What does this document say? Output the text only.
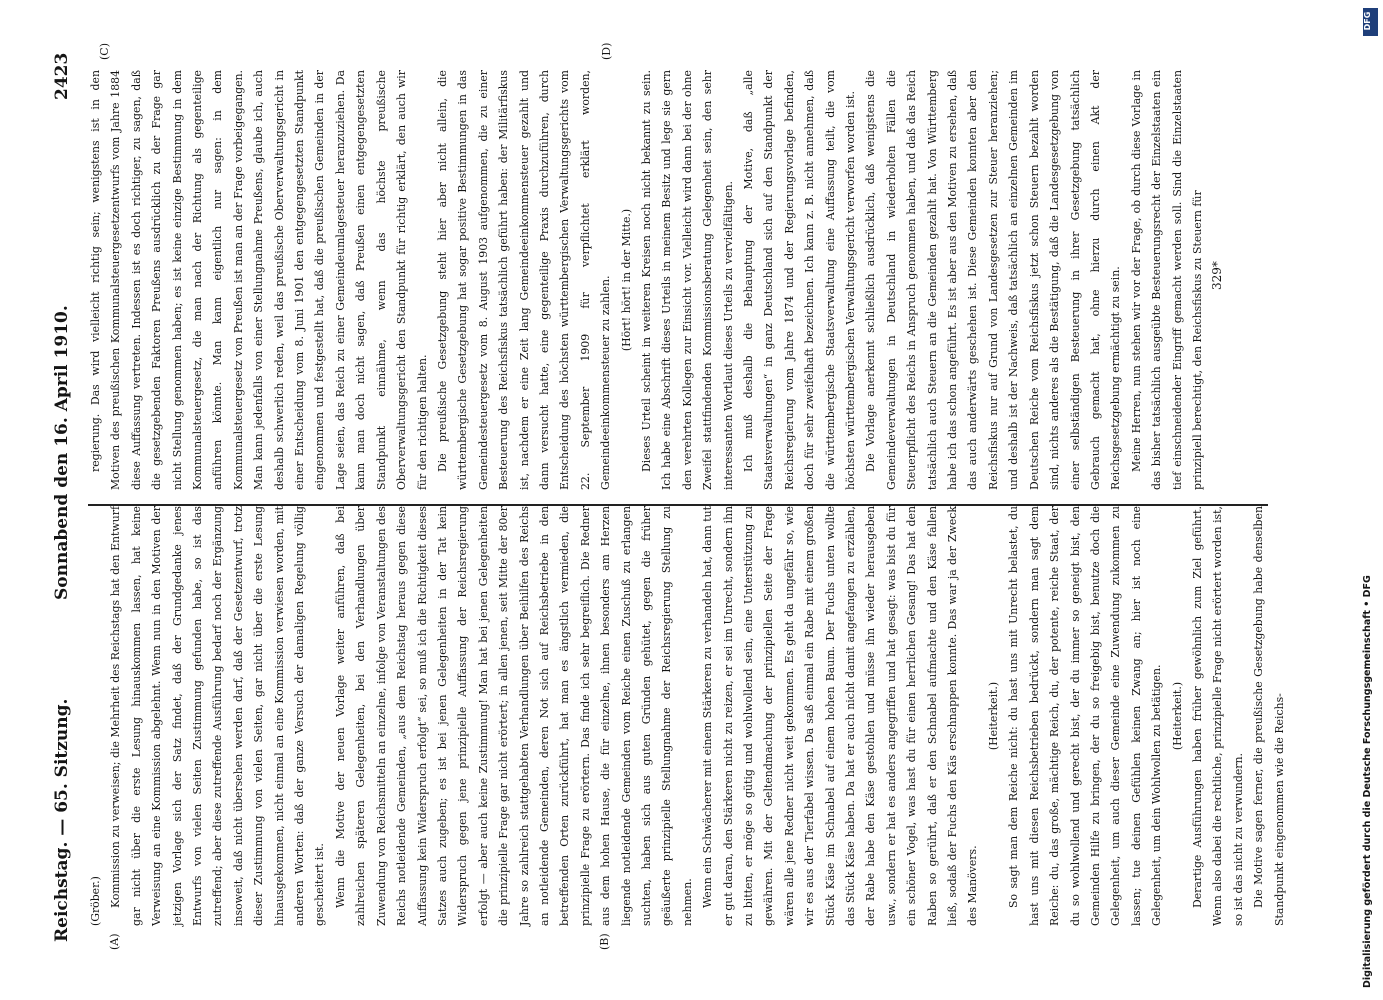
Reichstag. — 65. Sitzung.
Sonnabend den 16. April 1910.
2423
(A)	(B)
(C)	(D)

(Gröber.) Kommission zu verweisen; die Mehrheit des Reichstags hat den Entwurf gar nicht über die erste Lesung hinauskommen lassen, hat keine Verweisung an eine Kommission abgelehnt. Wenn nun in den Motiven der jetzigen Vorlage sich der Satz findet, daß der Grundgedanke jenes Entwurfs von vielen Seiten Zustimmung gefunden habe, so ist das zutreffend; aber diese zutreffende Ausführung bedarf noch der Ergänzung insoweit, daß nicht übersehen werden darf, daß der Gesetzentwurf, trotz dieser Zustimmung von vielen Seiten, gar nicht über die erste Lesung hinausgekommen, nicht einmal an eine Kommission verwiesen worden, mit anderen Worten: daß der ganze Versuch der damaligen Regelung völlig gescheitert ist. Wenn die Motive der neuen Vorlage weiter anführen, daß bei zahlreichen späteren Gelegenheiten, bei den Verhandlungen über Zuwendung von Reichsmitteln an einzelne, infolge von Veranstaltungen des Reichs notleidende Gemeinden, „aus dem Reichstag heraus gegen diese Auffassung kein Widerspruch erfolgt“ sei, so muß ich die Richtigkeit dieses Satzes auch zugeben; es ist bei jenen Gelegenheiten in der Tat kein Widerspruch gegen jene prinzipielle Auffassung der Reichsregierung erfolgt — aber auch keine Zustimmung! Man hat bei jenen Gelegenheiten die prinzipielle Frage gar nicht erörtert; in allen jenen, seit Mitte der 80er Jahre so zahlreich stattgehabten Verhandlungen über Beihilfen des Reichs an notleidende Gemeinden, deren Not sich auf Reichsbetriebe in den betreffenden Orten zurückführt, hat man es ängstlich vermieden, die prinzipielle Frage zu erörtern. Das finde ich sehr begreiflich. Die Redner aus dem hohen Hause, die für einzelne, ihnen besonders am Herzen liegende notleidende Gemeinden vom Reiche einen Zuschuß zu erlangen suchten, haben sich aus guten Gründen gehütet, gegen die früher geäußerte prinzipielle Stellungnahme der Reichsregierung Stellung zu nehmen. Wenn ein Schwächerer mit einem Stärkeren zu verhandeln hat, dann tut er gut daran, den Stärkeren nicht zu reizen, er sei im Unrecht, sondern ihn zu bitten, er möge so gütig und wohlwollend sein, eine Unterstützung zu gewähren. Mit der Geltendmachung der prinzipiellen Seite der Frage wären alle jene Redner nicht weit gekommen. Es geht da ungefähr so, wie wir es aus der Tierfabel wissen. Da saß einmal ein Rabe mit einem großen Stück Käse im Schnabel auf einem hohen Baum. Der Fuchs unten wollte das Stück Käse haben. Da hat er auch nicht damit angefangen zu erzählen, der Rabe habe den Käse gestohlen und müsse ihn wieder herausgeben usw., sondern er hat es anders angegriffen und hat gesagt: was bist du für ein schöner Vogel, was hast du für einen herrlichen Gesang! Das hat den Raben so gerührt, daß er den Schnabel aufmachte und den Käse fallen ließ, sodaß der Fuchs den Käs erschnappen konnte. Das war ja der Zweck des Manövers.

(Heiterkeit.) So sagt man dem Reiche nicht: du hast uns mit Unrecht belastet, du hast uns mit diesen Reichsbetrieben bedrückt, sondern man sagt dem Reiche: du, das große, mächtige Reich, du, der potente, reiche Staat, der du so wohlwollend und gerecht bist, der du immer so geneigt bist, den Gemeinden Hilfe zu bringen, der du so freigebig bist, benutze doch die Gelegenheit, um auch dieser Gemeinde eine Zuwendung zukommen zu lassen; tue deinen Gefühlen keinen Zwang an; hier ist noch eine Gelegenheit, um dein Wohlwollen zu betätigen. (Heiterkeit.) Derartige Ausführungen haben früher gewöhnlich zum Ziel geführt. Wenn also dabei die rechtliche, prinzipielle Frage nicht erörtert worden ist, so ist das nicht zu verwundern. Die Motive sagen ferner, die preußische Gesetzgebung habe denselben Standpunkt eingenommen wie die Reichs-

regierung. Das wird vielleicht richtig sein; wenigstens ist in den Motiven des preußischen Kommunalsteuergesetzentwurfs vom Jahre 1884 diese Auffassung vertreten. Indessen ist es doch richtiger, zu sagen, daß die gesetzgebenden Faktoren Preußens ausdrücklich zu der Frage gar nicht Stellung genommen haben; es ist keine einzige Bestimmung in dem Kommunalsteuergesetz, die man nach der Richtung als gegenteilige anführen könnte. Man kann eigentlich nur sagen: in dem Kommunalsteuergesetz von Preußen ist man an der Frage vorbeigegangen. Man kann jedenfalls von einer Stellungnahme Preußens, glaube ich, auch deshalb schwerlich reden, weil das preußische Oberverwaltungsgericht in einer Entscheidung vom 8. Juni 1901 den entgegengesetzten Standpunkt eingenommen und festgestellt hat, daß die preußischen Gemeinden in der Lage seien, das Reich zu einer Gemeindeumlagesteuer heranzuziehen. Da kann man doch nicht sagen, daß Preußen einen entgegengesetzten Standpunkt einnähme, wenn das höchste preußische Oberverwaltungsgericht den Standpunkt für richtig erklärt, den auch wir für den richtigen halten. Die preußische Gesetzgebung steht hier aber nicht allein, die württembergische Gesetzgebung hat sogar positive Bestimmungen in das Gemeindesteuergesetz vom 8. August 1903 aufgenommen, die zu einer Besteuerung des Reichsfiskus tatsächlich geführt haben: der Militärfiskus ist, nachdem er eine Zeit lang Gemeindeeinkommensteuer gezahlt und dann versucht hatte, eine gegenteilige Praxis durchzuführen, durch Entscheidung des höchsten württembergischen Verwaltungsgerichts vom 22. September 1909 für verpflichtet erklärt worden, Gemeindeeinkommensteuer zu zahlen. (Hört! hört! in der Mitte.) Dieses Urteil scheint in weiteren Kreisen noch nicht bekannt zu sein. Ich habe eine Abschrift dieses Urteils in meinem Besitz und lege sie gern den verehrten Kollegen zur Einsicht vor. Vielleicht wird dann bei der ohne Zweifel stattfindenden Kommissionsberatung Gelegenheit sein, den sehr interessanten Wortlaut dieses Urteils zu vervielfältigen. Ich muß deshalb die Behauptung der Motive, daß „alle Staatsverwaltungen“ in ganz Deutschland sich auf den Standpunkt der Reichsregierung vom Jahre 1874 und der Regierungsvorlage befinden, doch für sehr zweifelhaft bezeichnen. Ich kann z. B. nicht annehmen, daß die württembergische Staatsverwaltung eine Auffassung teilt, die vom höchsten württembergischen Verwaltungsgericht verworfen worden ist. Die Vorlage anerkennt schließlich ausdrücklich, daß wenigstens die Gemeindeverwaltungen in Deutschland in wiederholten Fällen die Steuerpflicht des Reichs in Anspruch genommen haben, und daß das Reich tatsächlich auch Steuern an die Gemeinden gezahlt hat. Von Württemberg habe ich das schon angeführt. Es ist aber aus den Motiven zu ersehen, daß das auch anderwärts geschehen ist. Diese Gemeinden konnten aber den Reichsfiskus nur auf Grund von Landesgesetzen zur Steuer heranziehen; und deshalb ist der Nachweis, daß tatsächlich an einzelnen Gemeinden im Deutschen Reiche vom Reichsfiskus jetzt schon Steuern bezahlt worden sind, nichts anderes als die Bestätigung, daß die Landesgesetzgebung von einer selbständigen Besteuerung in ihrer Gesetzgebung tatsächlich Gebrauch gemacht hat, ohne hierzu durch einen Akt der Reichsgesetzgebung ermächtigt zu sein. Meine Herren, nun stehen wir vor der Frage, ob durch diese Vorlage in das bisher tatsächlich ausgeübte Besteuerungsrecht der Einzelstaaten ein tief einschneidender Eingriff gemacht werden soll. Sind die Einzelstaaten prinzipiell berechtigt, den Reichsfiskus zu Steuern für 329*
DFG
Digitalisierung gefördert durch die Deutsche Forschungsgemeinschaft • DFG
